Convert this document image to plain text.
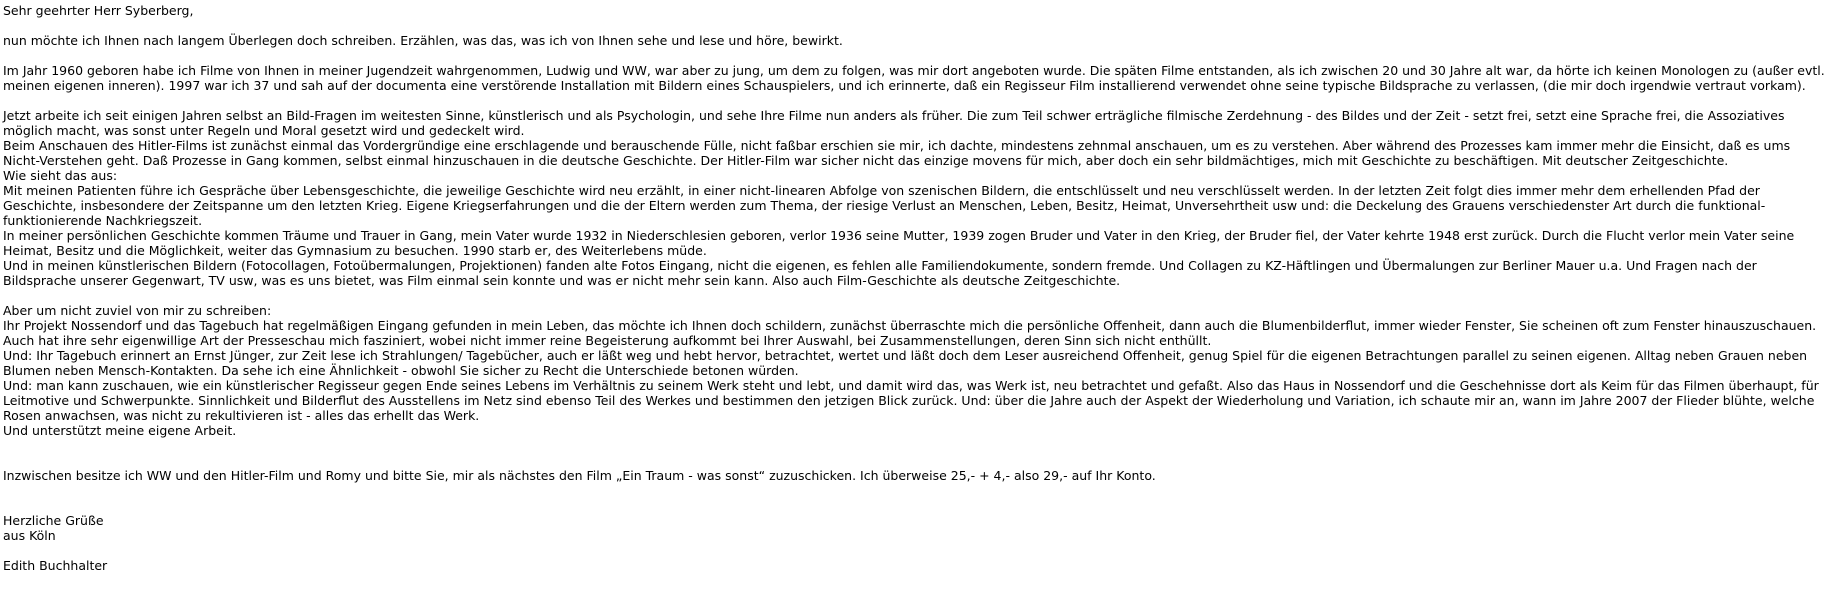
Sehr geehrter Herr Syberberg,

nun möchte ich Ihnen nach langem Überlegen doch schreiben. Erzählen, was das, was ich von Ihnen sehe und lese und höre, bewirkt.

Im Jahr 1960 geboren habe ich Filme von Ihnen in meiner Jugendzeit wahrgenommen, Ludwig und WW, war aber zu jung, um dem zu folgen, was mir dort angeboten wurde. Die späten Filme entstanden, als ich zwischen 20 und 30 Jahre alt war, da hörte ich keinen Monologen zu (außer evtl. meinen eigenen inneren). 1997 war ich 37 und sah auf der documenta eine verstörende Installation mit Bildern eines Schauspielers, und ich erinnerte, daß ein Regisseur Film installierend verwendet ohne seine typische Bildsprache zu verlassen, (die mir doch irgendwie vertraut vorkam).

Jetzt arbeite ich seit einigen Jahren selbst an Bild-Fragen im weitesten Sinne, künstlerisch und als Psychologin, und sehe Ihre Filme nun anders als früher. Die zum Teil schwer erträgliche filmische Zerdehnung - des Bildes und der Zeit - setzt frei, setzt eine Sprache frei, die Assoziatives möglich macht, was sonst unter Regeln und Moral gesetzt wird und gedeckelt wird.

Beim Anschauen des Hitler-Films ist zunächst einmal das Vordergründige eine erschlagende und berauschende Fülle, nicht faßbar erschien sie mir, ich dachte, mindestens zehnmal anschauen, um es zu verstehen. Aber während des Prozesses kam immer mehr die Einsicht, daß es ums Nicht-Verstehen geht. Daß Prozesse in Gang kommen, selbst einmal hinzuschauen in die deutsche Geschichte. Der Hitler-Film war sicher nicht das einzige movens für mich, aber doch ein sehr bildmächtiges, mich mit Geschichte zu beschäftigen. Mit deutscher Zeitgeschichte.

Wie sieht das aus:

Mit meinen Patienten führe ich Gespräche über Lebensgeschichte, die jeweilige Geschichte wird neu erzählt, in einer nicht-linearen Abfolge von szenischen Bildern, die entschlüsselt und neu verschlüsselt werden. In der letzten Zeit folgt dies immer mehr dem erhellenden Pfad der Geschichte, insbesondere der Zeitspanne um den letzten Krieg. Eigene Kriegserfahrungen und die der Eltern werden zum Thema, der riesige Verlust an Menschen, Leben, Besitz, Heimat, Unversehrtheit usw und: die Deckelung des Grauens verschiedenster Art durch die funktional-funktionierende Nachkriegszeit.

In meiner persönlichen Geschichte kommen Träume und Trauer in Gang, mein Vater wurde 1932 in Niederschlesien geboren, verlor 1936 seine Mutter, 1939 zogen Bruder und Vater in den Krieg, der Bruder fiel, der Vater kehrte 1948 erst zurück. Durch die Flucht verlor mein Vater seine Heimat, Besitz und die Möglichkeit, weiter das Gymnasium zu besuchen. 1990 starb er, des Weiterlebens müde.

Und in meinen künstlerischen Bildern (Fotocollagen, Fotoübermalungen, Projektionen) fanden alte Fotos Eingang, nicht die eigenen, es fehlen alle Familiendokumente, sondern fremde. Und Collagen zu KZ-Häftlingen und Übermalungen zur Berliner Mauer u.a. Und Fragen nach der Bildsprache unserer Gegenwart, TV usw, was es uns bietet, was Film einmal sein konnte und was er nicht mehr sein kann. Also auch Film-Geschichte als deutsche Zeitgeschichte.

Aber um nicht zuviel von mir zu schreiben:

Ihr Projekt Nossendorf und das Tagebuch hat regelmäßigen Eingang gefunden in mein Leben, das möchte ich Ihnen doch schildern, zunächst überraschte mich die persönliche Offenheit, dann auch die Blumenbilderflut, immer wieder Fenster, Sie scheinen oft zum Fenster hinauszuschauen. Auch hat ihre sehr eigenwillige Art der Presseschau mich fasziniert, wobei nicht immer reine Begeisterung aufkommt bei Ihrer Auswahl, bei Zusammenstellungen, deren Sinn sich nicht enthüllt.

Und: Ihr Tagebuch erinnert an Ernst Jünger, zur Zeit lese ich Strahlungen/ Tagebücher, auch er läßt weg und hebt hervor, betrachtet, wertet und läßt doch dem Leser ausreichend Offenheit, genug Spiel für die eigenen Betrachtungen parallel zu seinen eigenen. Alltag neben Grauen neben Blumen neben Mensch-Kontakten. Da sehe ich eine Ähnlichkeit - obwohl Sie sicher zu Recht die Unterschiede betonen würden.

Und: man kann zuschauen, wie ein künstlerischer Regisseur gegen Ende seines Lebens im Verhältnis zu seinem Werk steht und lebt, und damit wird das, was Werk ist, neu betrachtet und gefaßt. Also das Haus in Nossendorf und die Geschehnisse dort als Keim für das Filmen überhaupt, für Leitmotive und Schwerpunkte. Sinnlichkeit und Bilderflut des Ausstellens im Netz sind ebenso Teil des Werkes und bestimmen den jetzigen Blick zurück. Und: über die Jahre auch der Aspekt der Wiederholung und Variation, ich schaute mir an, wann im Jahre 2007 der Flieder blühte, welche Rosen anwachsen, was nicht zu rekultivieren ist - alles das erhellt das Werk.

Und unterstützt meine eigene Arbeit.

Inzwischen besitze ich WW und den Hitler-Film und Romy und bitte Sie, mir als nächstes den Film „Ein Traum - was sonst“ zuzuschicken. Ich überweise 25,- + 4,- also 29,- auf Ihr Konto.

Herzliche Grüße

aus Köln

Edith Buchhalter
